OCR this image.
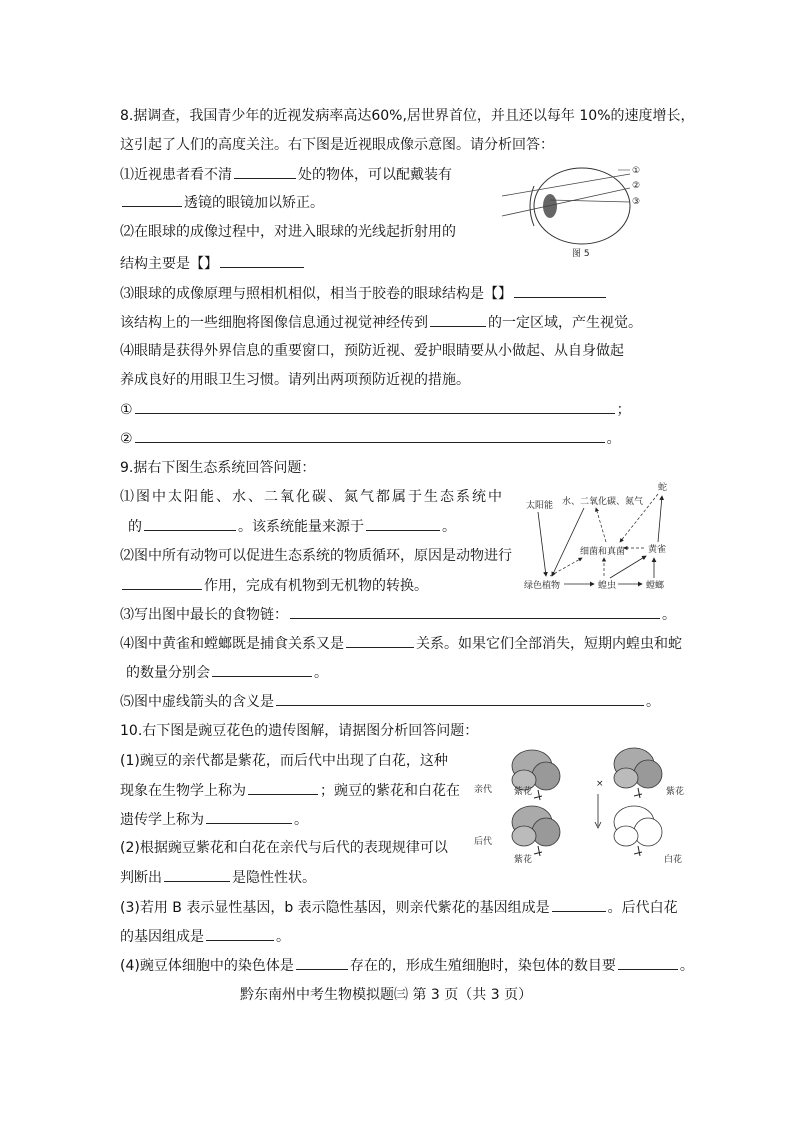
8.据调查，我国青少年的近视发病率高达60%,居世界首位，并且还以每年 10%的速度增长，
这引起了人们的高度关注。右下图是近视眼成像示意图。请分析回答：
⑴近视患者看不清	处的物体，可以配戴装有
透镜的眼镜加以矫正。
⑵在眼球的成像过程中，对进入眼球的光线起折射用的
结构主要是【】
⑶眼球的成像原理与照相机相似，相当于胶卷的眼球结构是【】
该结构上的一些细胞将图像信息通过视觉神经传到	的一定区域，产生视觉。
⑷眼睛是获得外界信息的重要窗口，预防近视、爱护眼睛要从小做起、从自身做起
养成良好的用眼卫生习惯。请列出两项预防近视的措施。
①	；
②	。
①
②
③
图 5
9.据右下图生态系统回答问题：
⑴图中太阳能、水、二氧化碳、氮气都属于生态系统中
的	。该系统能量来源于	。
⑵图中所有动物可以促进生态系统的物质循环，原因是动物进行
作用，完成有机物到无机物的转换。
⑶写出图中最长的食物链：	。
⑷图中黄雀和螳螂既是捕食关系又是	关系。如果它们全部消失，短期内蝗虫和蛇
的数量分别会	。
⑸图中虚线箭头的含义是	。
太阳能 水、二氧化碳、氮气
蛇
细菌和真菌	黄雀
绿色植物	蝗虫	螳螂
10.右下图是豌豆花色的遗传图解，请据图分析回答问题：
(1)豌豆的亲代都是紫花，而后代中出现了白花，这种
现象在生物学上称为	；豌豆的紫花和白花在
遗传学上称为	。
(2)根据豌豆紫花和白花在亲代与后代的表现规律可以
判断出	是隐性性状。
(3)若用 B 表示显性基因，b 表示隐性基因，则亲代紫花的基因组成是	。后代白花
的基因组成是	。
(4)豌豆体细胞中的染色体是	存在的，形成生殖细胞时，染包体的数目要	。
亲代
后代
紫花
×
紫花
紫花	白花
黔东南州中考生物模拟题㈢ 第 3 页（共 3 页）
